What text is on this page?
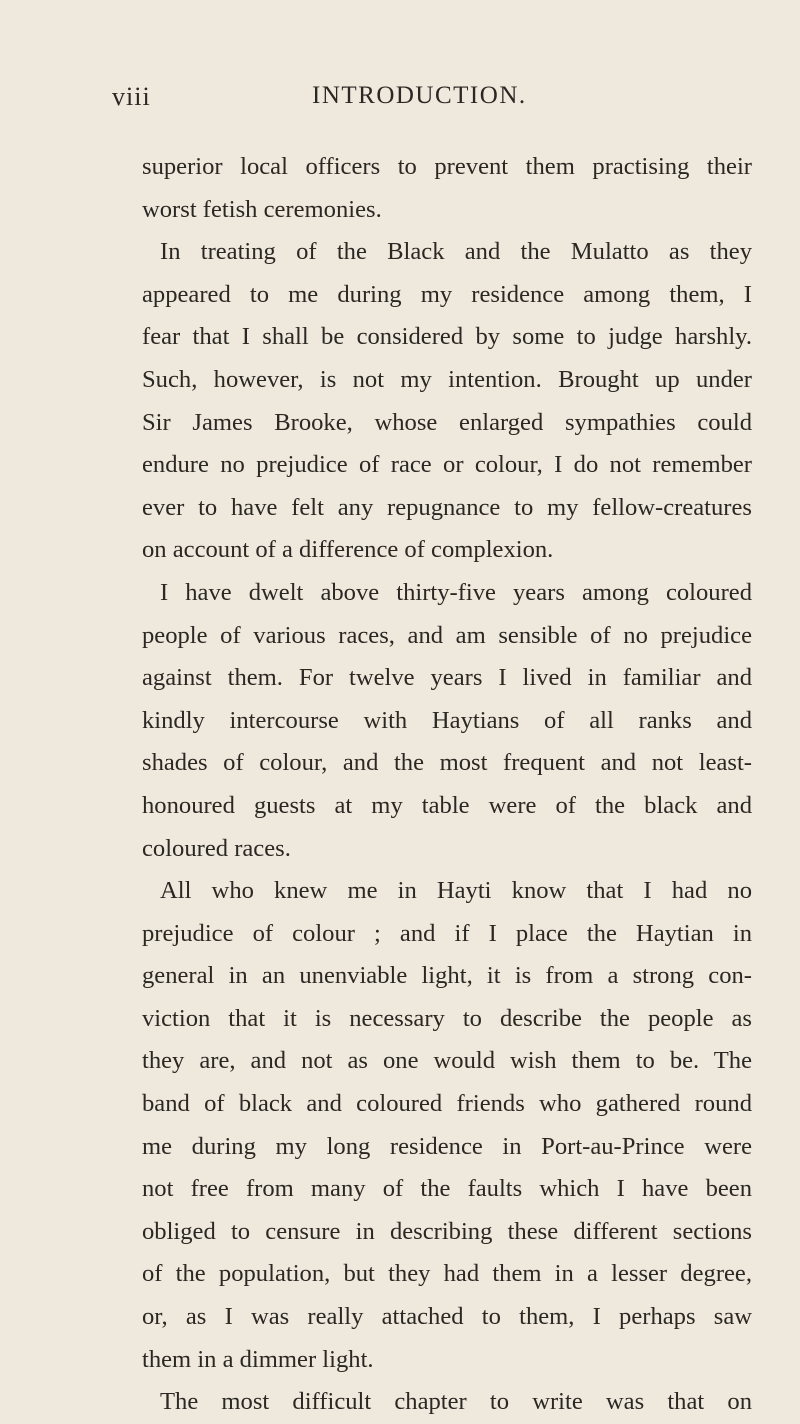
viii	INTRODUCTION.
superior local officers to prevent them practising their
worst fetish ceremonies.
In treating of the Black and the Mulatto as they
appeared to me during my residence among them, I
fear that I shall be considered by some to judge harshly.
Such, however, is not my intention. Brought up under
Sir James Brooke, whose enlarged sympathies could
endure no prejudice of race or colour, I do not remember
ever to have felt any repugnance to my fellow-creatures
on account of a difference of complexion.
I have dwelt above thirty-five years among coloured
people of various races, and am sensible of no prejudice
against them. For twelve years I lived in familiar and
kindly intercourse with Haytians of all ranks and
shades of colour, and the most frequent and not least-
honoured guests at my table were of the black and
coloured races.
All who knew me in Hayti know that I had no
prejudice of colour ; and if I place the Haytian in
general in an unenviable light, it is from a strong con-
viction that it is necessary to describe the people as
they are, and not as one would wish them to be. The
band of black and coloured friends who gathered round
me during my long residence in Port-au-Prince were
not free from many of the faults which I have been
obliged to censure in describing these different sections
of the population, but they had them in a lesser degree,
or, as I was really attached to them, I perhaps saw
them in a dimmer light.
The most difficult chapter to write was that on
